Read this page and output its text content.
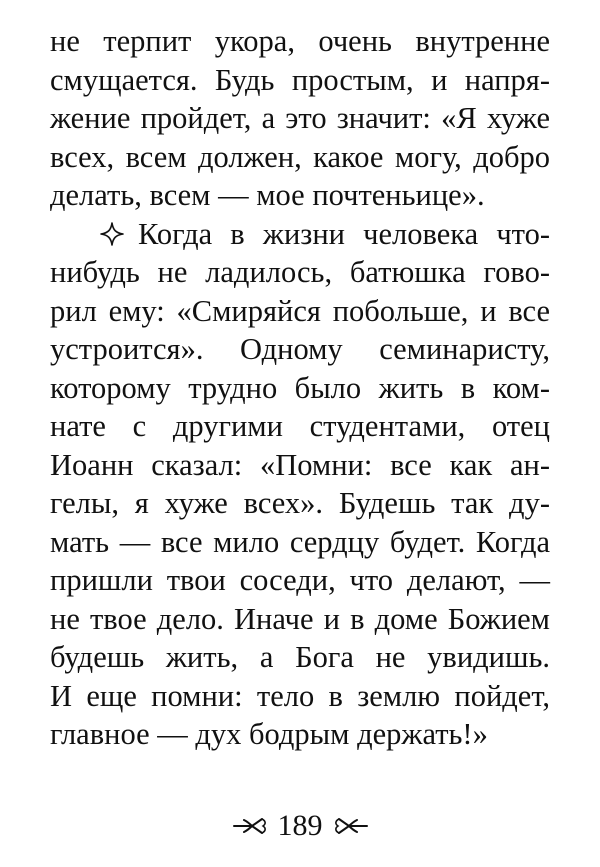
не терпит укора, очень внутренне
смущается. Будь простым, и напря-
жение пройдет, а это значит: «Я хуже
всех, всем должен, какое могу, добро
делать, всем — мое почтеньице».
Когда в жизни человека что-
нибудь не ладилось, батюшка гово-
рил ему: «Смиряйся побольше, и все
устроится». Одному семинаристу,
которому трудно было жить в ком-
нате с другими студентами, отец
Иоанн сказал: «Помни: все как ан-
гелы, я хуже всех». Будешь так ду-
мать — все мило сердцу будет. Когда
пришли твои соседи, что делают, —
не твое дело. Иначе и в доме Божием
будешь жить, а Бога не увидишь.
И еще помни: тело в землю пойдет,
главное — дух бодрым держать!»
189
